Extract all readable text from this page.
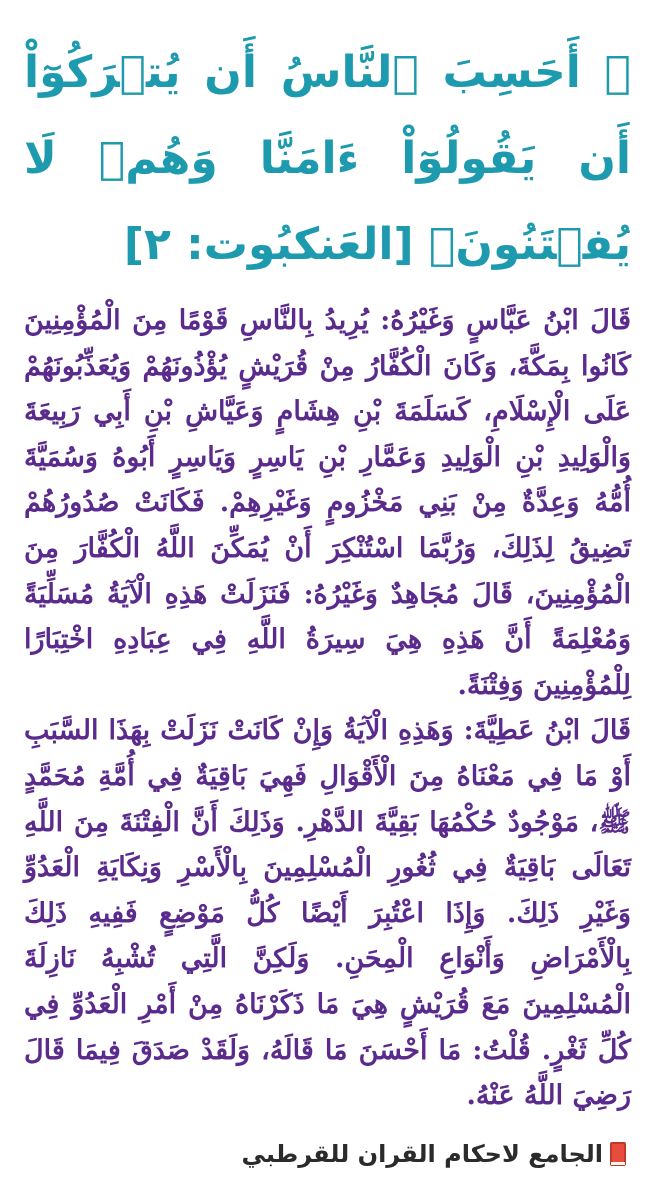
﴿ أَحَسِبَ ٱلنَّاسُ أَن يُتۡرَكُوٓاْ أَن يَقُولُوٓاْ ءَامَنَّا وَهُمۡ لَا يُفۡتَنُونَ﴾ [العَنكبُوت: ٢]

قَالَ ابْنُ عَبَّاسٍ وَغَيْرُهُ: يُرِيدُ بِالنَّاسِ قَوْمًا مِنَ الْمُؤْمِنِينَ كَانُوا بِمَكَّةَ، وَكَانَ الْكُفَّارُ مِنْ قُرَيْشٍ يُؤْذُونَهُمْ وَيُعَذِّبُونَهُمْ عَلَى الْإِسْلَامِ، كَسَلَمَةَ بْنِ هِشَامٍ وَعَيَّاشِ بْنِ أَبِي رَبِيعَةَ وَالْوَلِيدِ بْنِ الْوَلِيدِ وَعَمَّارِ بْنِ يَاسِرٍ وَيَاسِرٍ أَبُوهُ وَسُمَيَّةَ أُمُّهُ وَعِدَّةٌ مِنْ بَنِي مَخْزُومٍ وَغَيْرِهِمْ. فَكَانَتْ صُدُورُهُمْ تَضِيقُ لِذَلِكَ، وَرُبَّمَا اسْتُنْكِرَ أَنْ يُمَكِّنَ اللَّهُ الْكُفَّارَ مِنَ الْمُؤْمِنِينَ، قَالَ مُجَاهِدٌ وَغَيْرُهُ: فَنَزَلَتْ هَذِهِ الْآيَةُ مُسَلِّيَةً وَمُعْلِمَةً أَنَّ هَذِهِ هِيَ سِيرَةُ اللَّهِ فِي عِبَادِهِ اخْتِبَارًا لِلْمُؤْمِنِينَ وَفِتْنَةً.

قَالَ ابْنُ عَطِيَّةَ: وَهَذِهِ الْآيَةُ وَإِنْ كَانَتْ نَزَلَتْ بِهَذَا السَّبَبِ أَوْ مَا فِي مَعْنَاهُ مِنَ الْأَقْوَالِ فَهِيَ بَاقِيَةٌ فِي أُمَّةِ مُحَمَّدٍ ﷺ، مَوْجُودٌ حُكْمُهَا بَقِيَّةَ الدَّهْرِ. وَذَلِكَ أَنَّ الْفِتْنَةَ مِنَ اللَّهِ تَعَالَى بَاقِيَةٌ فِي ثُغُورِ الْمُسْلِمِينَ بِالْأَسْرِ وَنِكَايَةِ الْعَدُوِّ وَغَيْرِ ذَلِكَ. وَإِذَا اعْتُبِرَ أَيْضًا كُلُّ مَوْضِعٍ فَفِيهِ ذَلِكَ بِالْأَمْرَاضِ وَأَنْوَاعِ الْمِحَنِ. وَلَكِنَّ الَّتِي تُشْبِهُ نَازِلَةَ الْمُسْلِمِينَ مَعَ قُرَيْشٍ هِيَ مَا ذَكَرْنَاهُ مِنْ أَمْرِ الْعَدُوِّ فِي كُلِّ ثَغْرٍ. قُلْتُ: مَا أَحْسَنَ مَا قَالَهُ، وَلَقَدْ صَدَقَ فِيمَا قَالَ رَضِيَ اللَّهُ عَنْهُ.

الجامع لاحكام القران للقرطبي
